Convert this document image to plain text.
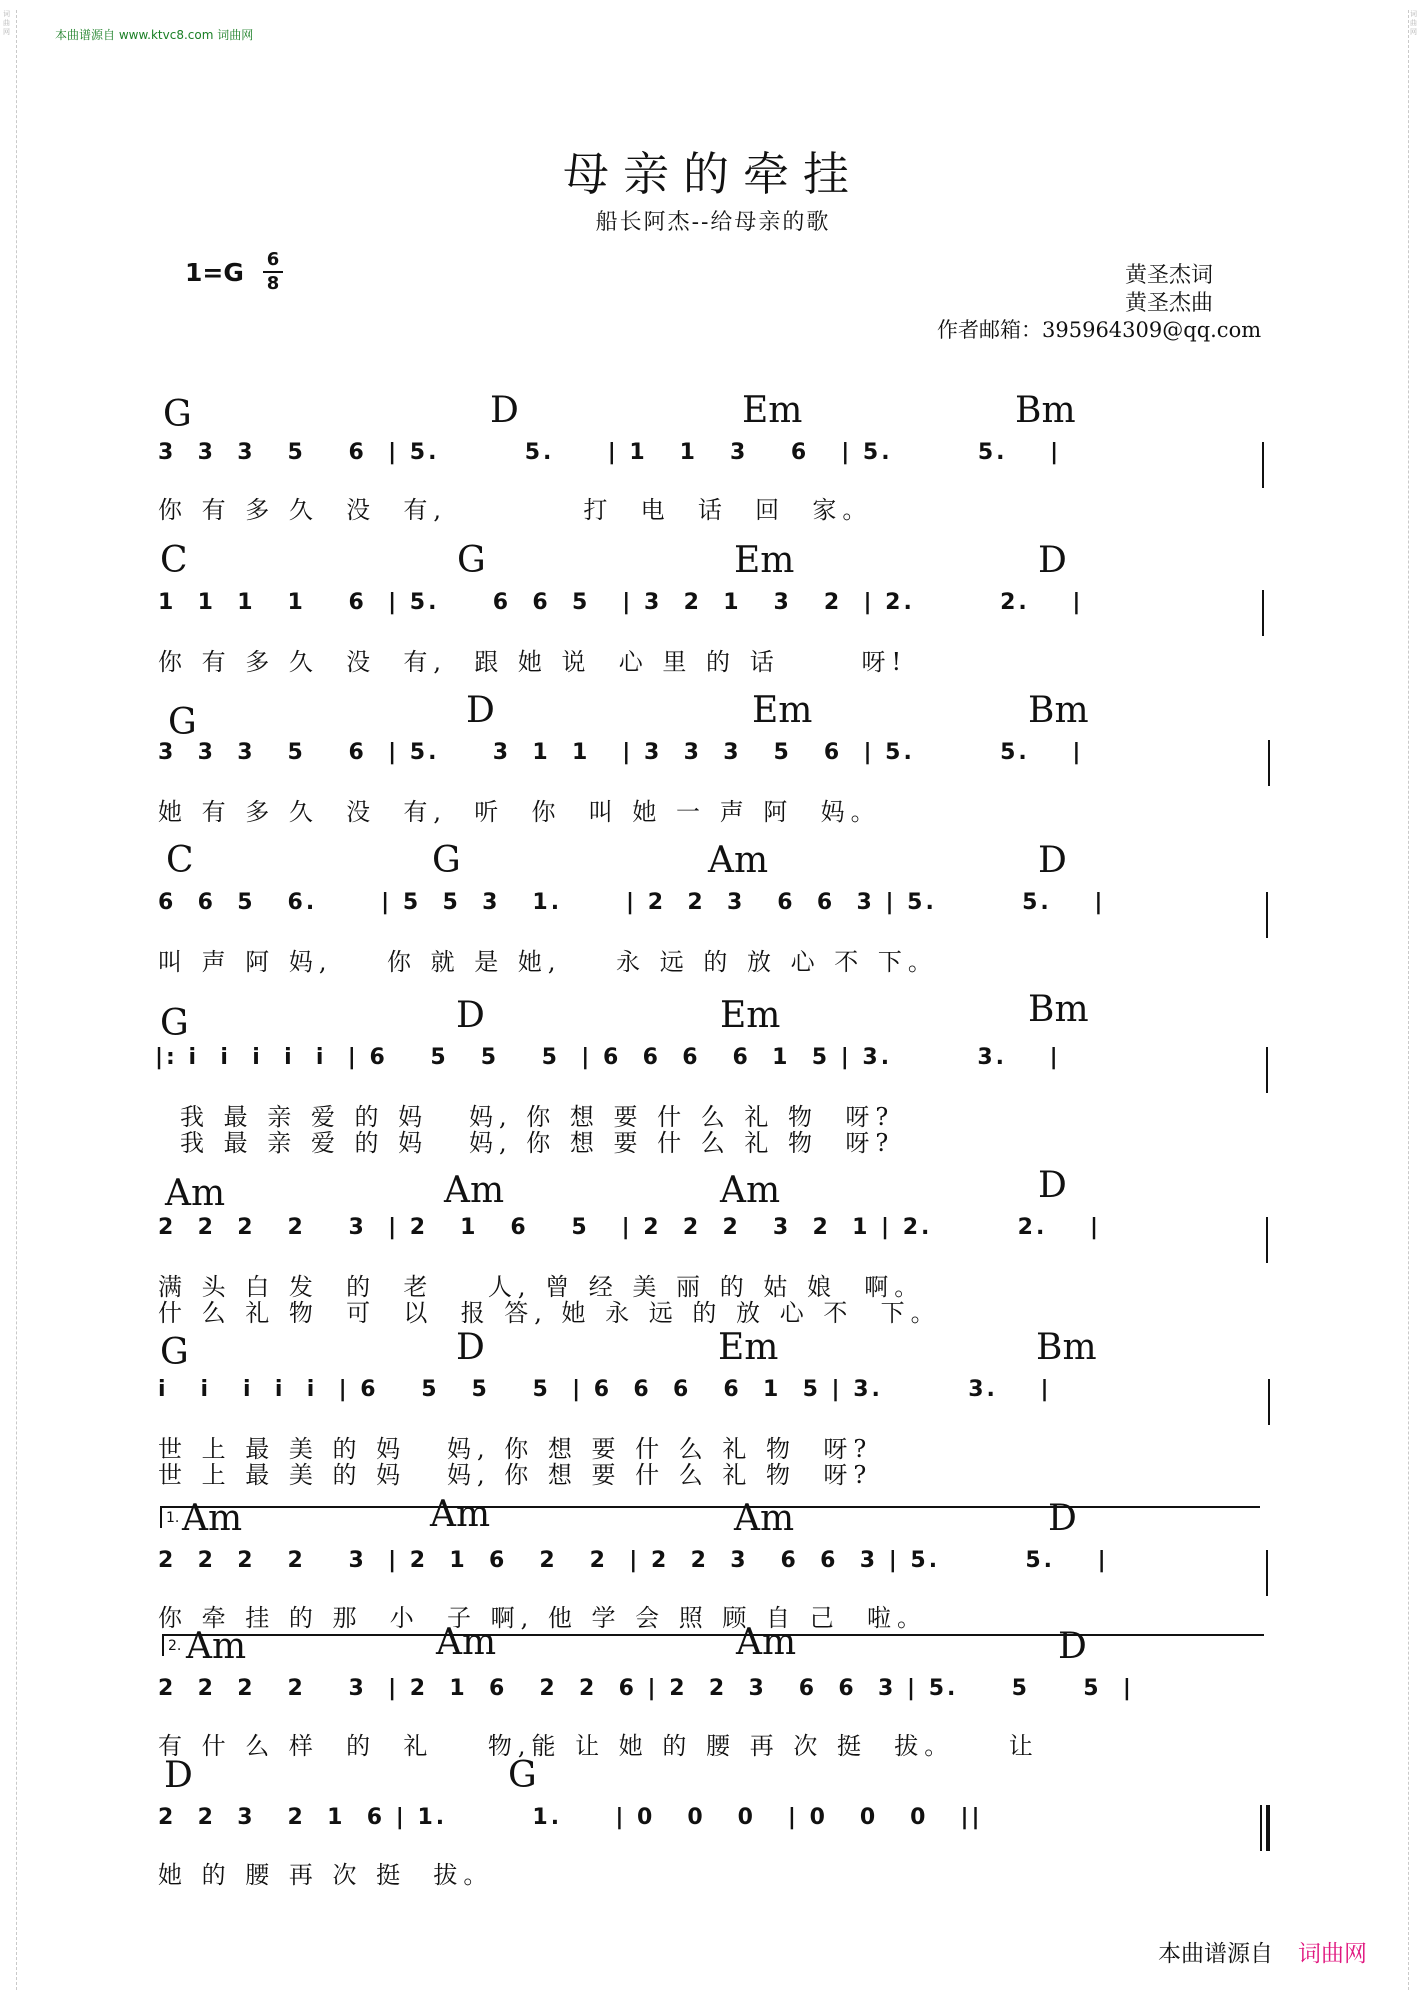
词曲网
词曲网
本曲谱源自 www.ktvc8.com 词曲网
母亲的牵挂
船长阿杰--给母亲的歌
1=G 6
8	黄圣杰词
黄圣杰曲
作者邮箱：395964309@qq.com
G	D	Em	Bm
3  3  3   5    6  | 5.        5.     | 1   1   3    6   | 5.        5.    |
你 有 多 久  没  有,          打  电  话  回  家。
C	G	Em	D
1  1  1   1    6  | 5.     6  6  5   | 3  2  1   3   2  | 2.        2.    |
你 有 多 久  没  有,  跟 她 说  心 里 的 话      呀!
G	D	Em	Bm
3  3  3   5    6  | 5.     3  1  1   | 3  3  3   5   6  | 5.        5.    |
她 有 多 久  没  有,  听  你  叫 她 一 声 阿  妈。
C	G	Am	D
6  6  5   6.      | 5  5  3   1.      | 2  2  3   6  6  3 | 5.        5.    |
叫 声 阿 妈,    你 就 是 她,    永 远 的 放 心 不 下。
G	D	Em	Bm
|: i  i  i  i  i  | 6    5   5    5  | 6  6  6   6  1  5 | 3.        3.    |
我 最 亲 爱 的 妈   妈, 你 想 要 什 么 礼 物  呀?
我 最 亲 爱 的 妈   妈, 你 想 要 什 么 礼 物  呀?
Am	Am	Am	D
2  2  2   2    3  | 2   1   6    5   | 2  2  2   3  2  1 | 2.        2.    |
满 头 白 发  的  老    人, 曾 经 美 丽 的 姑 娘  啊。
什 么 礼 物  可  以  报 答, 她 永 远 的 放 心 不  下。
G	D	Em	Bm
i   i   i  i  i  | 6    5   5    5  | 6  6  6   6  1  5 | 3.        3.    |
世 上 最 美 的 妈   妈, 你 想 要 什 么 礼 物  呀?
世 上 最 美 的 妈   妈, 你 想 要 什 么 礼 物  呀?
1. Am	Am	Am	D
2  2  2   2    3  | 2  1  6   2   2  | 2  2  3   6  6  3 | 5.        5.    |
你 牵 挂 的 那  小  子 啊, 他 学 会 照 顾 自 己  啦。
2. Am	Am	Am	D
2  2  2   2    3  | 2  1  6   2  2  6 | 2  2  3   6  6  3 | 5.     5     5  |
有 什 么 样  的  礼    物,能 让 她 的 腰 再 次 挺  拔。    让
D	G
2  2  3   2  1  6 | 1.        1.     | 0   0   0   | 0   0   0   ||
她 的 腰 再 次 挺  拔。
本曲谱源自 词曲网
